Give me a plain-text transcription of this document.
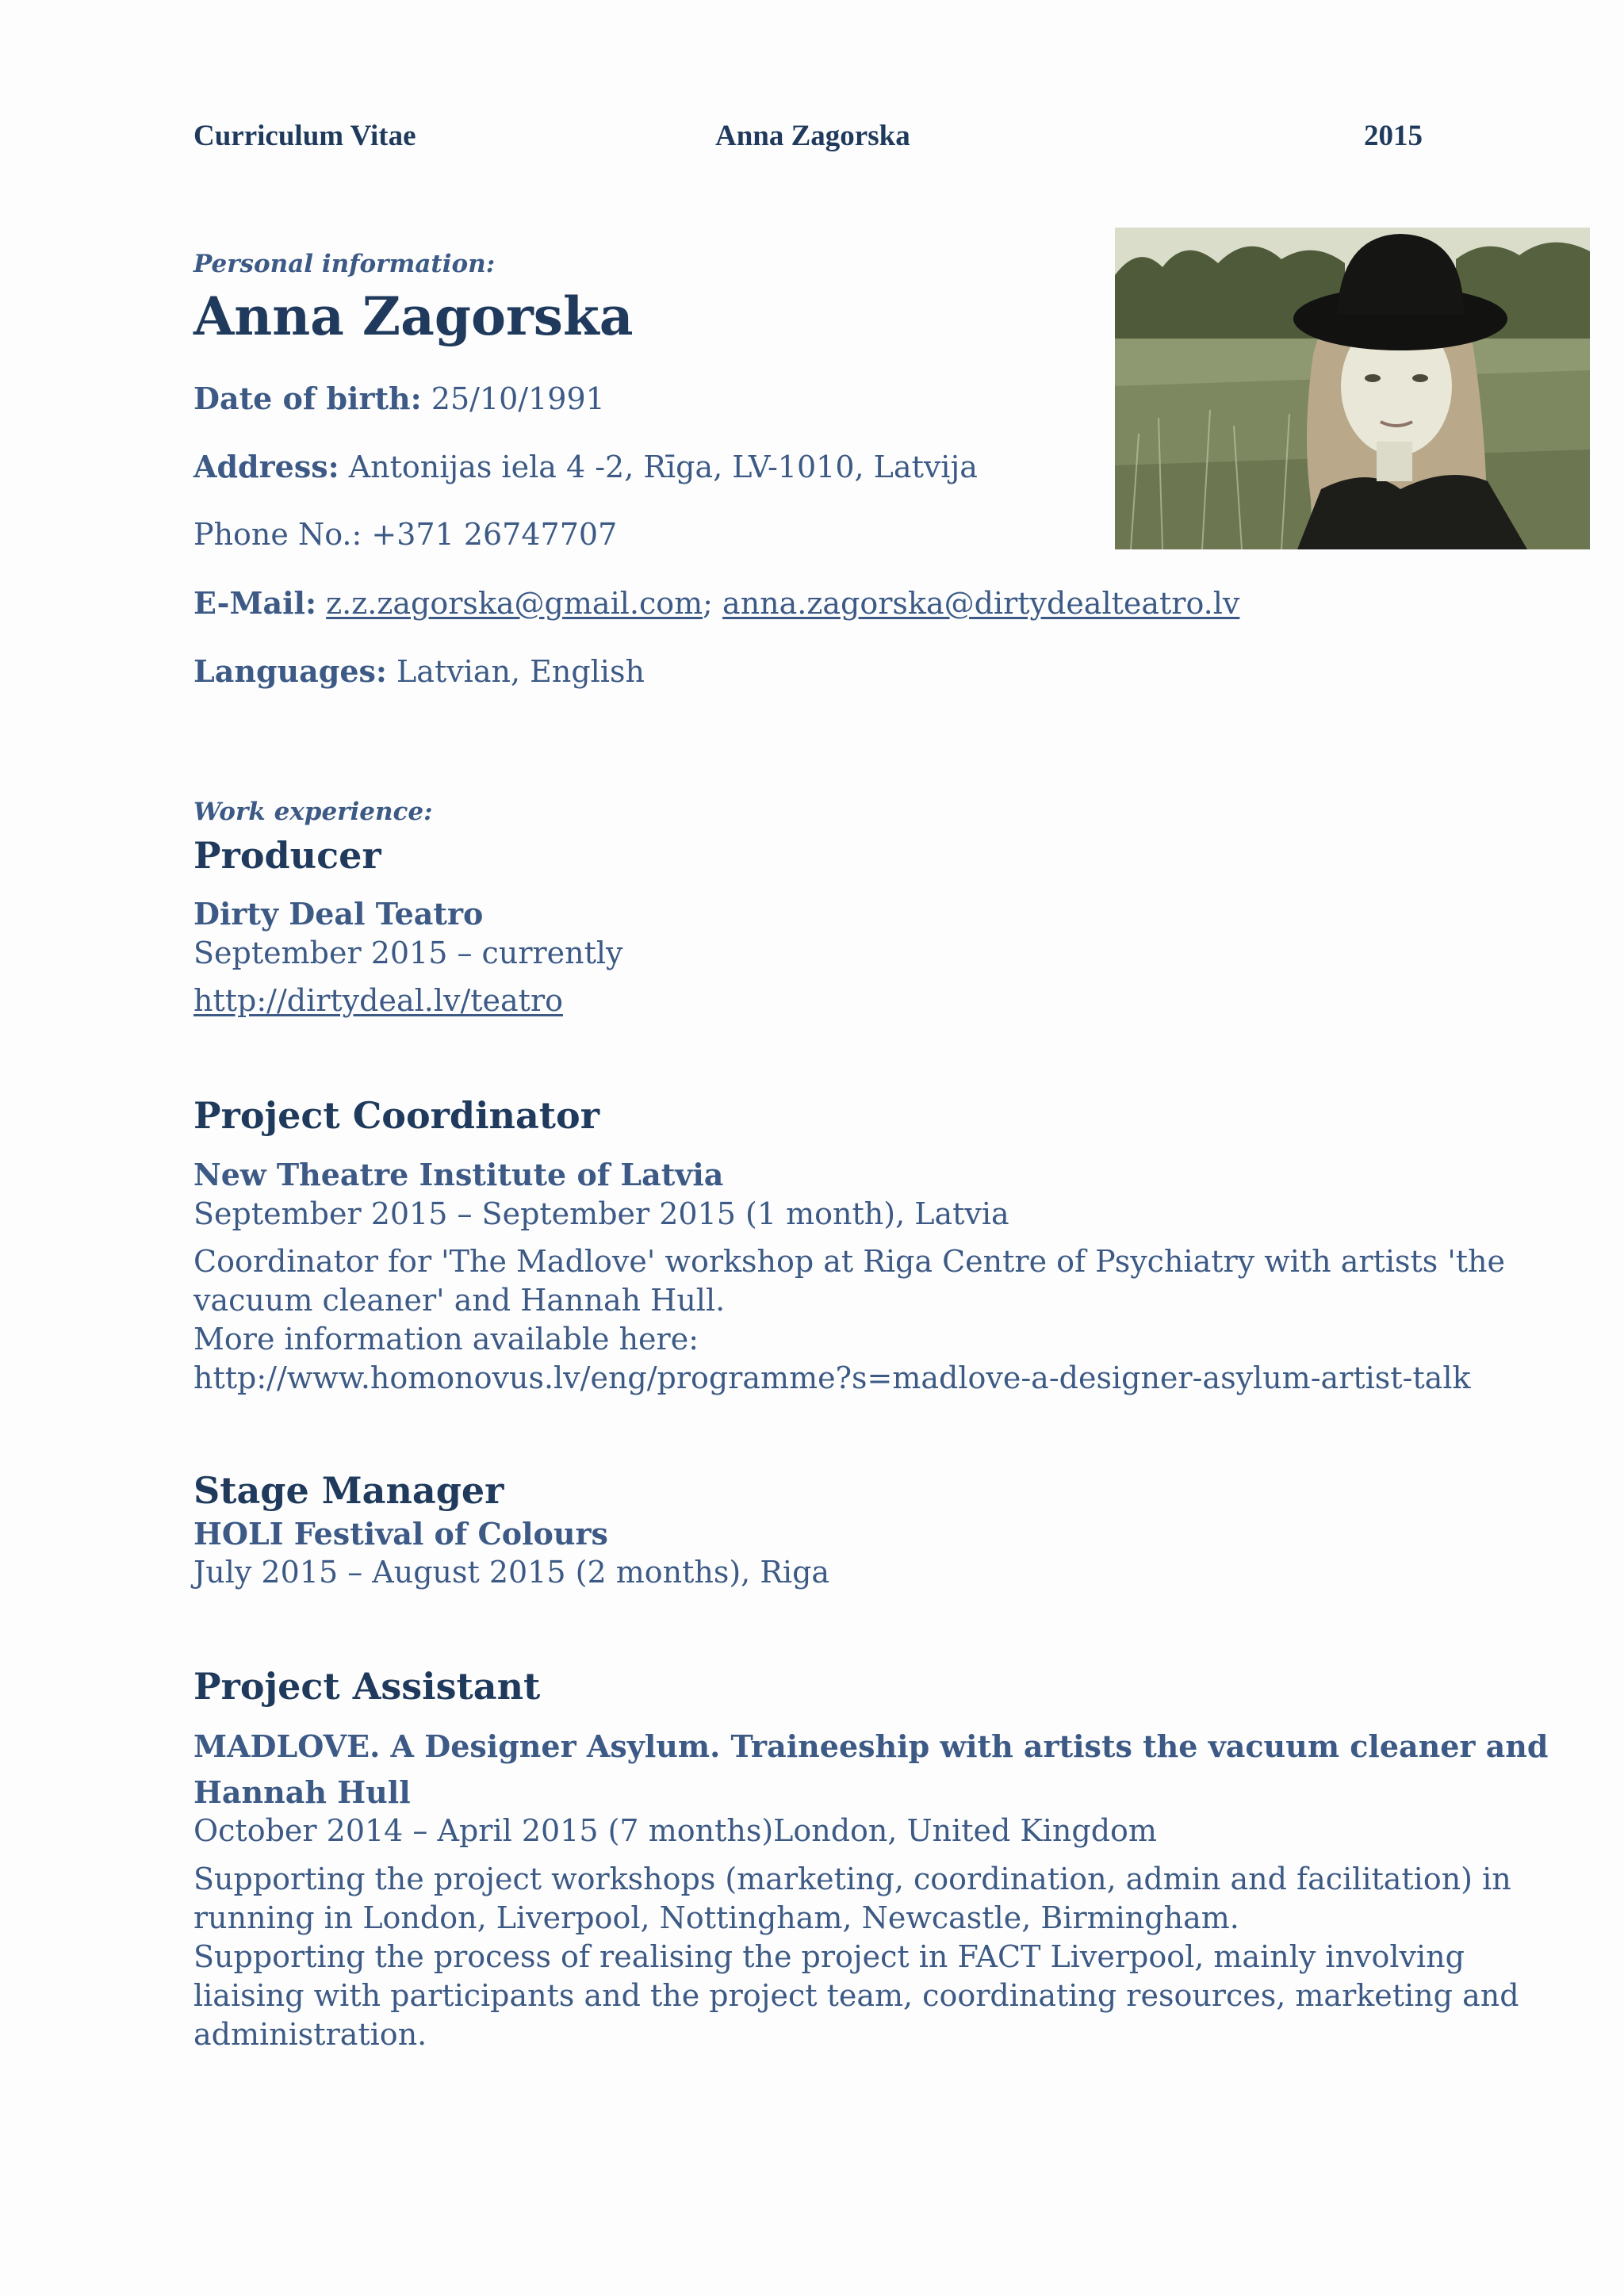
Curriculum Vitae	Anna Zagorska	2015
Personal information:
Anna Zagorska
Date of birth: 25/10/1991
Address: Antonijas iela 4 -2, Rīga, LV-1010, Latvija
Phone No.: +371 26747707
E-Mail: z.z.zagorska@gmail.com; anna.zagorska@dirtydealteatro.lv
Languages: Latvian, English
Work experience:
Producer
Dirty Deal Teatro
September 2015 – currently
http://dirtydeal.lv/teatro
Project Coordinator
New Theatre Institute of Latvia
September 2015 – September 2015 (1 month), Latvia
Coordinator for 'The Madlove' workshop at Riga Centre of Psychiatry with artists 'the
vacuum cleaner' and Hannah Hull.
More information available here:
http://www.homonovus.lv/eng/programme?s=madlove-a-designer-asylum-artist-talk
Stage Manager
HOLI Festival of Colours
July 2015 – August 2015 (2 months), Riga
Project Assistant
MADLOVE. A Designer Asylum. Traineeship with artists the vacuum cleaner and
Hannah Hull
October 2014 – April 2015 (7 months)London, United Kingdom
Supporting the project workshops (marketing, coordination, admin and facilitation) in
running in London, Liverpool, Nottingham, Newcastle, Birmingham.
Supporting the process of realising the project in FACT Liverpool, mainly involving
liaising with participants and the project team, coordinating resources, marketing and
administration.
